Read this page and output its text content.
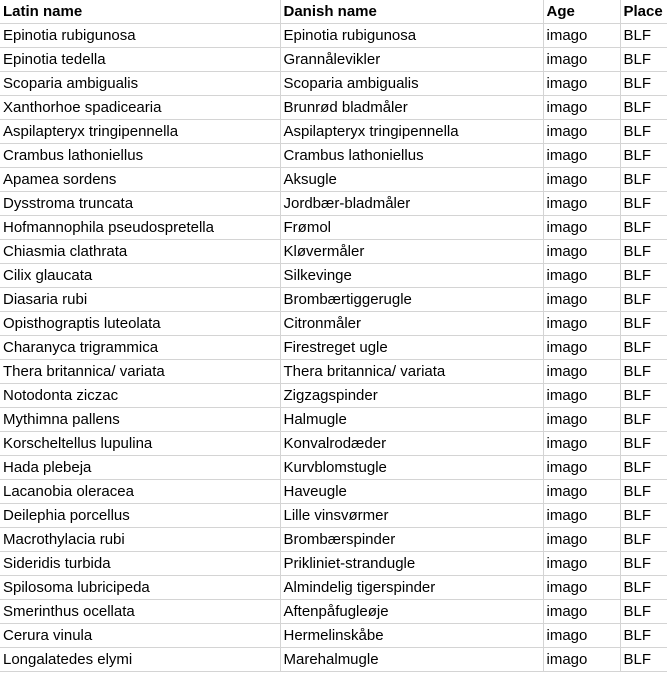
Latin name	Danish name	Age	Place
Epinotia rubigunosa	Epinotia rubigunosa	imago	BLF
Epinotia tedella	Grannålevikler	imago	BLF
Scoparia ambigualis	Scoparia ambigualis	imago	BLF
Xanthorhoe spadicearia	Brunrød bladmåler	imago	BLF
Aspilapteryx tringipennella	Aspilapteryx tringipennella	imago	BLF
Crambus lathoniellus	Crambus lathoniellus	imago	BLF
Apamea sordens	Aksugle	imago	BLF
Dysstroma truncata	Jordbær-bladmåler	imago	BLF
Hofmannophila pseudospretella	Frømol	imago	BLF
Chiasmia clathrata	Kløvermåler	imago	BLF
Cilix glaucata	Silkevinge	imago	BLF
Diasaria rubi	Brombærtiggerugle	imago	BLF
Opisthograptis luteolata	Citronmåler	imago	BLF
Charanyca trigrammica	Firestreget ugle	imago	BLF
Thera britannica/ variata	Thera britannica/ variata	imago	BLF
Notodonta ziczac	Zigzagspinder	imago	BLF
Mythimna pallens	Halmugle	imago	BLF
Korscheltellus lupulina	Konvalrodæder	imago	BLF
Hada plebeja	Kurvblomstugle	imago	BLF
Lacanobia oleracea	Haveugle	imago	BLF
Deilephia porcellus	Lille vinsvørmer	imago	BLF
Macrothylacia rubi	Brombærspinder	imago	BLF
Sideridis turbida	Prikliniet-strandugle	imago	BLF
Spilosoma lubricipeda	Almindelig tigerspinder	imago	BLF
Smerinthus ocellata	Aftenpåfugleøje	imago	BLF
Cerura vinula	Hermelinskåbe	imago	BLF
Longalatedes elymi	Marehalmugle	imago	BLF
